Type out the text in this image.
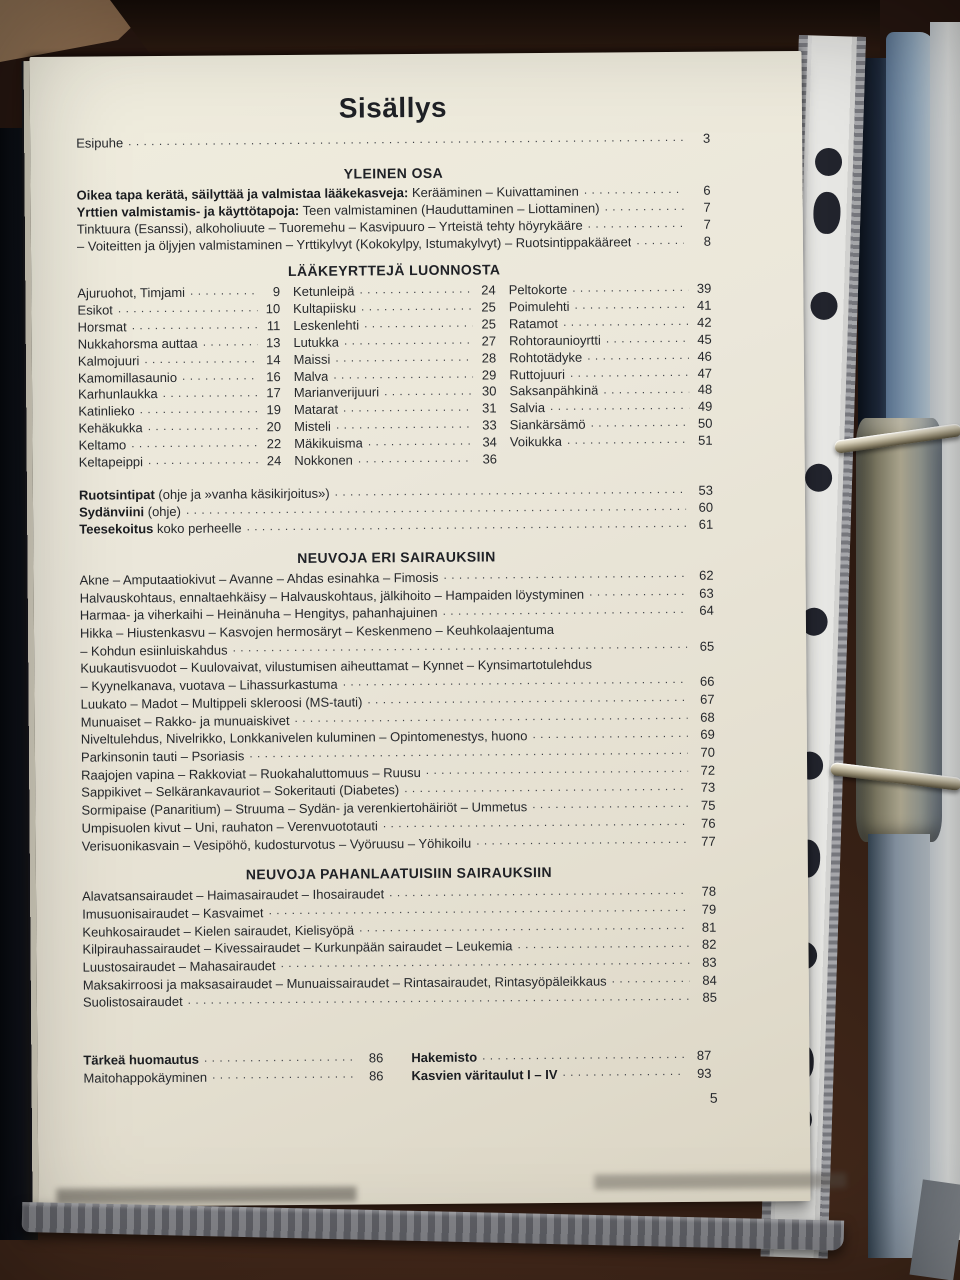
Sisällys
Esipuhe . . .	3
YLEINEN OSA
Oikea tapa kerätä, säilyttää ja valmistaa lääkekasveja: Kerääminen – Kuivattaminen . . .	6
Yrttien valmistamis- ja käyttötapoja: Teen valmistaminen (Hauduttaminen – Liottaminen) . . .	7
Tinktuura (Esanssi), alkoholiuute – Tuoremehu – Kasvipuuro – Yrteistä tehty höyrykääre . . .	7
– Voiteitten ja öljyjen valmistaminen – Yrttikylvyt (Kokokylpy, Istumakylvyt) – Ruotsintippakääreet . . .	8
LÄÄKEYRTTEJÄ LUONNOSTA
Ajuruohot, Timjami . . .	9
Esikot . . .	10
Horsmat . . .	11
Nukkahorsma auttaa . . .	13
Kalmojuuri . . .	14
Kamomillasaunio . . .	16
Karhunlaukka . . .	17
Katinlieko . . .	19
Kehäkukka . . .	20
Keltamo . . .	22
Keltapeippi . . .	24
Ketunleipä . . .	24
Kultapiisku . . .	25
Leskenlehti . . .	25
Lutukka . . .	27
Maissi . . .	28
Malva . . .	29
Marianverijuuri . . .	30
Matarat . . .	31
Misteli . . .	33
Mäkikuisma . . .	34
Nokkonen . . .	36
Peltokorte . . .	39
Poimulehti . . .	41
Ratamot . . .	42
Rohtoraunioyrtti . . .	45
Rohtotädyke . . .	46
Ruttojuuri . . .	47
Saksanpähkinä . . .	48
Salvia . . .	49
Siankärsämö . . .	50
Voikukka . . .	51
Ruotsintipat (ohje ja »vanha käsikirjoitus») . . .	53
Sydänviini (ohje) . . .	60
Teesekoitus koko perheelle . . .	61
NEUVOJA ERI SAIRAUKSIIN
Akne – Amputaatiokivut – Avanne – Ahdas esinahka – Fimosis . . .	62
Halvauskohtaus, ennaltaehkäisy – Halvauskohtaus, jälkihoito – Hampaiden löystyminen . . .	63
Harmaa- ja viherkaihi – Heinänuha – Hengitys, pahanhajuinen . . .	64
Hikka – Hiustenkasvu – Kasvojen hermosäryt – Keskenmeno – Keuhkolaajentuma
– Kohdun esiinluiskahdus . . .	65
Kuukautisvuodot – Kuulovaivat, vilustumisen aiheuttamat – Kynnet – Kynsimartotulehdus
– Kyynelkanava, vuotava – Lihassurkastuma . . .	66
Luukato – Madot – Multippeli skleroosi (MS-tauti) . . .	67
Munuaiset – Rakko- ja munuaiskivet . . .	68
Niveltulehdus, Nivelrikko, Lonkkanivelen kuluminen – Opintomenestys, huono . . .	69
Parkinsonin tauti – Psoriasis . . .	70
Raajojen vapina – Rakkoviat – Ruokahaluttomuus – Ruusu . . .	72
Sappikivet – Selkärankavauriot – Sokeritauti (Diabetes) . . .	73
Sormipaise (Panaritium) – Struuma – Sydän- ja verenkiertohäiriöt – Ummetus . . .	75
Umpisuolen kivut – Uni, rauhaton – Verenvuototauti . . .	76
Verisuonikasvain – Vesipöhö, kudosturvotus – Vyöruusu – Yöhikoilu . . .	77
NEUVOJA PAHANLAATUISIIN SAIRAUKSIIN
Alavatsansairaudet – Haimasairaudet – Ihosairaudet . . .	78
Imusuonisairaudet – Kasvaimet . . .	79
Keuhkosairaudet – Kielen sairaudet, Kielisyöpä . . .	81
Kilpirauhassairaudet – Kivessairaudet – Kurkunpään sairaudet – Leukemia . . .	82
Luustosairaudet – Mahasairaudet . . .	83
Maksakirroosi ja maksasairaudet – Munuaissairaudet – Rintasairaudet, Rintasyöpäleikkaus . . .	84
Suolistosairaudet . . .	85
Tärkeä huomautus . . .	86
Maitohappokäyminen . . .	86
Hakemisto . . .	87
Kasvien väritaulut I – IV . . .	93
5
